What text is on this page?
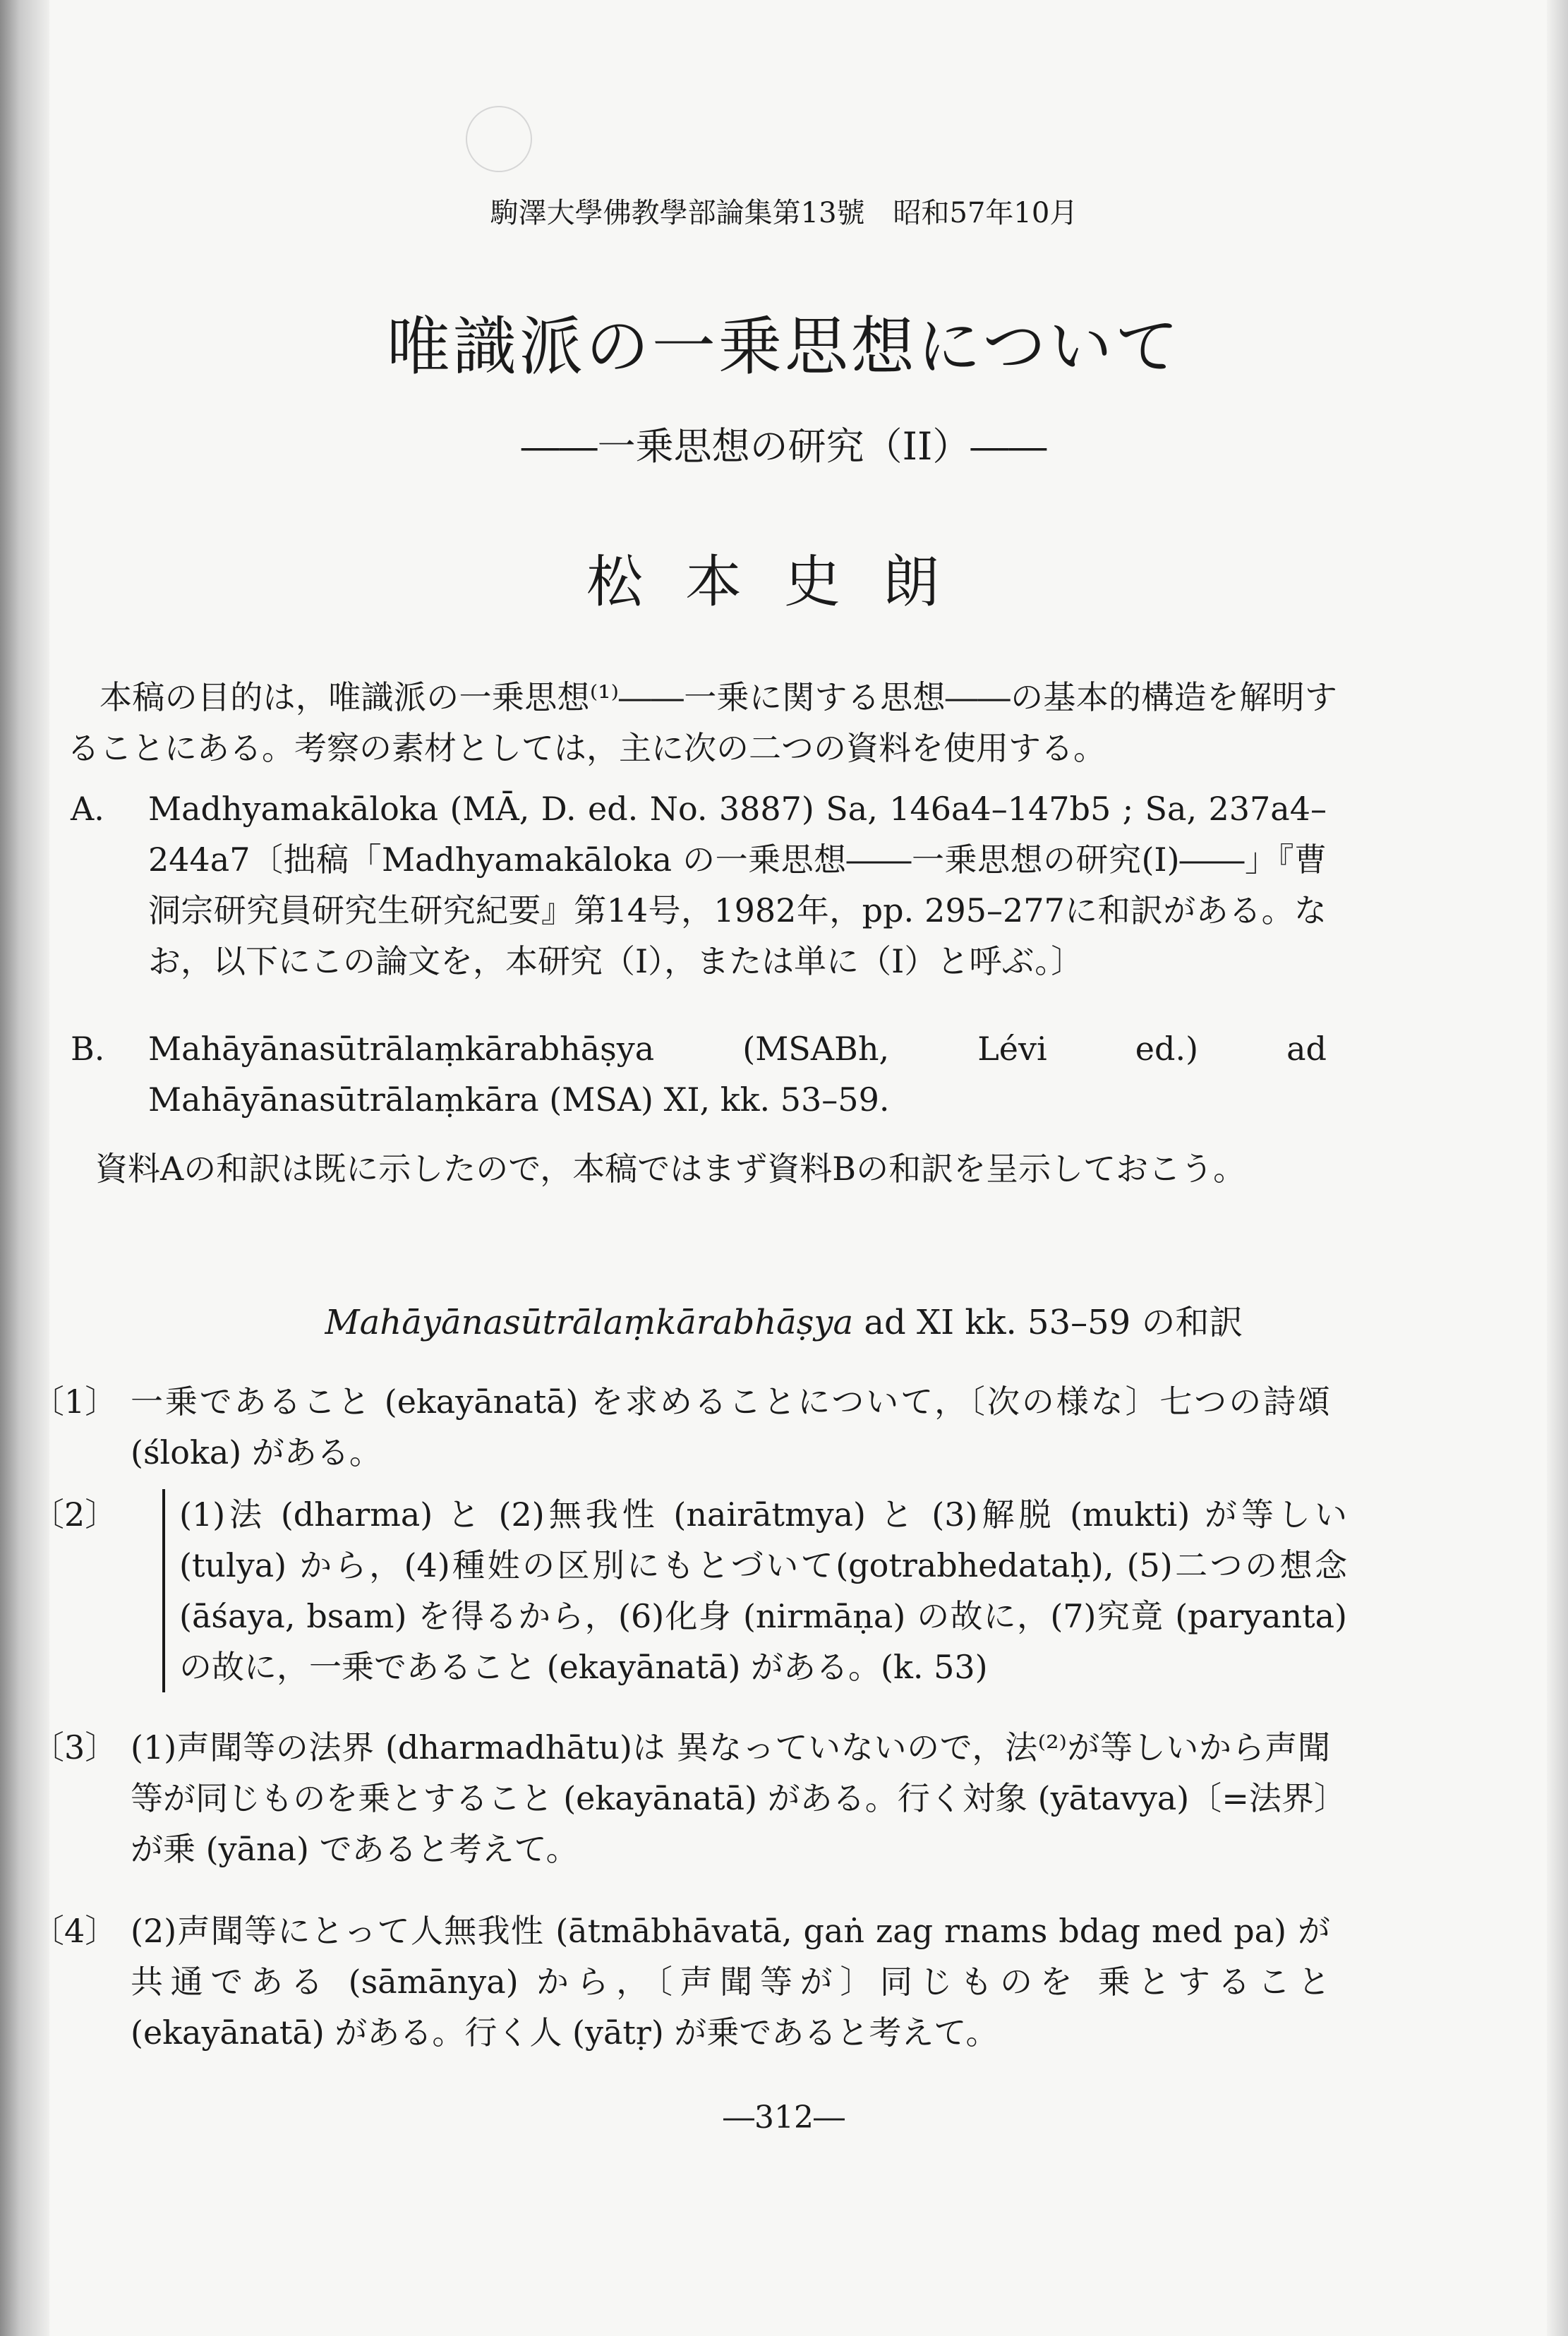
駒澤大學佛教學部論集第13號　昭和57年10月
唯識派の一乗思想について
――一乗思想の研究（II）――
松本史朗
本稿の目的は，唯識派の一乗思想⁽¹⁾――一乗に関する思想――の基本的構造を解明することにある。考察の素材としては，主に次の二つの資料を使用する。
A. Madhyamakāloka (MĀ, D. ed. No. 3887) Sa, 146a4–147b5 ; Sa, 237a4–244a7〔拙稿「Madhyamakāloka の一乗思想――一乗思想の研究(I)――」『曹洞宗研究員研究生研究紀要』第14号，1982年，pp. 295–277に和訳がある。なお，以下にこの論文を，本研究（I），または単に（I）と呼ぶ。〕
B. Mahāyānasūtrālaṃkārabhāṣya (MSABh, Lévi ed.) ad Mahāyānasūtrālaṃkāra (MSA) XI, kk. 53–59.
資料Aの和訳は既に示したので，本稿ではまず資料Bの和訳を呈示しておこう。
Mahāyānasūtrālaṃkārabhāṣya ad XI kk. 53–59 の和訳
〔1〕 一乗であること (ekayānatā) を求めることについて，〔次の様な〕七つの詩頌 (śloka) がある。
〔2〕	(1)法 (dharma) と (2)無我性 (nairātmya) と (3)解脱 (mukti) が等しい (tulya) から，(4)種姓の区別にもとづいて(gotrabhedataḥ), (5)二つの想念 (āśaya, bsam) を得るから，(6)化身 (nirmāṇa) の故に，(7)究竟 (paryanta) の故に，一乗であること (ekayānatā) がある。(k. 53)
〔3〕 (1)声聞等の法界 (dharmadhātu)は 異なっていないので，法⁽²⁾が等しいから声聞等が同じものを乗とすること (ekayānatā) がある。行く対象 (yātavya)〔=法界〕が乗 (yāna) であると考えて。
〔4〕 (2)声聞等にとって人無我性 (ātmābhāvatā, gaṅ zag rnams bdag med pa) が共通である (sāmānya) から，〔声聞等が〕同じものを 乗とすること (ekayānatā) がある。行く人 (yātṛ) が乗であると考えて。
―312―
